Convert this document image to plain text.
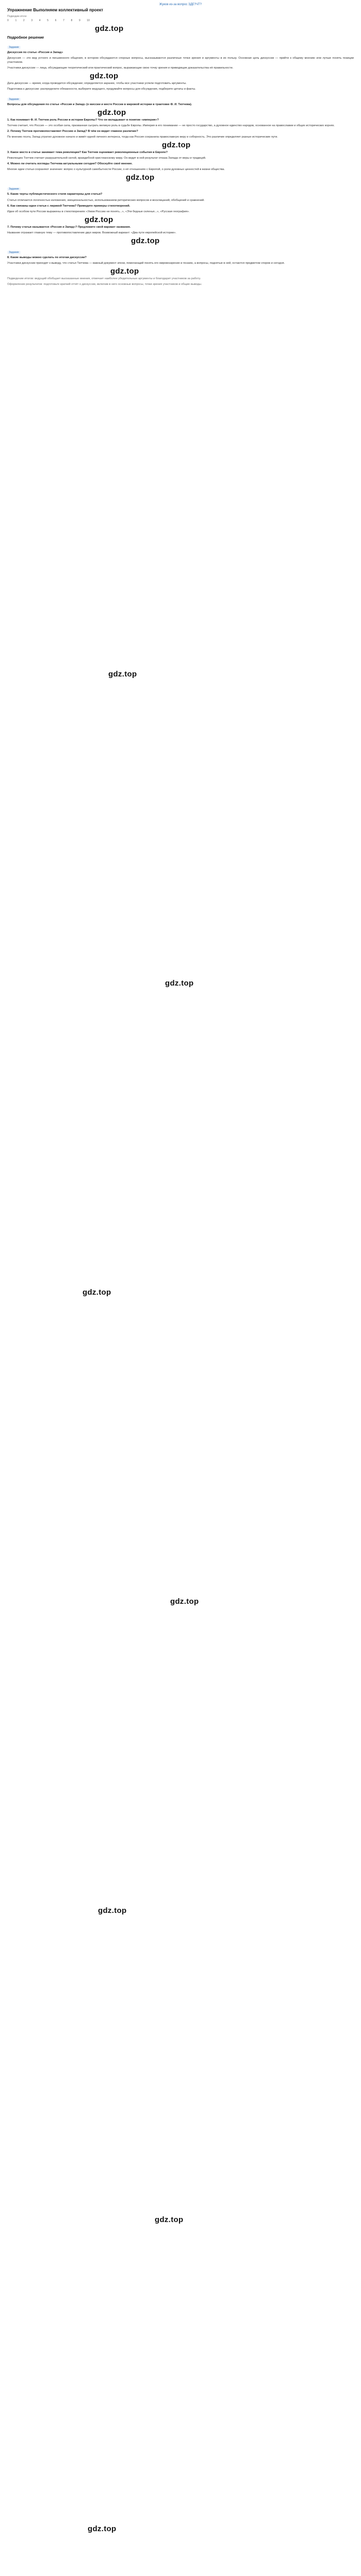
Жуков из-за вопрос ЗДЕ?ЧТ?
Упражнение Выполняем коллективный проект
Подводим итоги
0	1	2	3	4	5	6	7	8	9	10
gdz.top
Подробное решение
Задание

Дискуссия по статье «Россия и Запад»

Дискуссия — это вид устного и письменного общения, в котором обсуждаются спорные вопросы, высказываются различные точки зрения и аргументы в их пользу. Основная цель дискуссии — прийти к общему мнению или лучше понять позиции участников.

Участники дискуссии — лица, обсуждающие теоретический или практический вопрос, выражающие свою точку зрения и приводящие доказательства её правильности.

gdz.top

Дата дискуссии — время, когда проводится обсуждение; определяется заранее, чтобы все участники успели подготовить аргументы.

Подготовка к дискуссии: распределите обязанности, выберите ведущего, продумайте вопросы для обсуждения, подберите цитаты и факты.

Задание

Вопросы для обсуждения по статье «Россия и Запад» (о миссии и месте России в мировой истории в трактовке Ф. И. Тютчева).

gdz.top

1. Как понимает Ф. И. Тютчев роль России в истории Европы? Что он вкладывает в понятие «империя»?

Тютчев считает, что Россия — это особая сила, призванная сыграть великую роль в судьбе Европы. Империя в его понимании — не просто государство, а духовное единство народов, основанное на православии и общих исторических корнях.

2. Почему Тютчев противопоставляет Россию и Запад? В чём он видит главное различие?

По мнению поэта, Запад утратил духовное начало и живёт идеей личного интереса, тогда как Россия сохранила православную веру и соборность. Это различие определяет разные исторические пути.

gdz.top

3. Какое место в статье занимает тема революции? Как Тютчев оценивает революционные события в Европе?

Революцию Тютчев считает разрушительной силой, враждебной христианскому миру. Он видит в ней результат отказа Запада от веры и традиций.

4. Можно ли считать взгляды Тютчева актуальными сегодня? Обоснуйте своё мнение.

Многие идеи статьи сохраняют значение: вопрос о культурной самобытности России, о её отношениях с Европой, о роли духовных ценностей в жизни общества.

gdz.top
Задание

5. Какие черты публицистического стиля характерны для статьи?

Статья отличается логичностью изложения, эмоциональностью, использованием риторических вопросов и восклицаний, обобщений и сравнений.

6. Как связаны идеи статьи с лирикой Тютчева? Приведите примеры стихотворений.

Идеи об особом пути России выражены в стихотворениях «Умом Россию не понять...», «Эти бедные селенья...», «Русская география».

gdz.top

7. Почему статья называется «Россия и Запад»? Предложите свой вариант названия.

Название отражает главную тему — противопоставление двух миров. Возможный вариант: «Два пути европейской истории».

gdz.top
Задание

8. Какие выводы можно сделать по итогам дискуссии?

Участники дискуссии приходят к выводу, что статья Тютчева — важный документ эпохи, помогающий понять его мировоззрение и поэзию, а вопросы, поднятые в ней, остаются предметом споров и сегодня.

gdz.top

Подведение итогов: ведущий обобщает высказанные мнения, отмечает наиболее убедительные аргументы и благодарит участников за работу.

Оформление результатов: подготовьте краткий отчёт о дискуссии, включив в него основные вопросы, точки зрения участников и общие выводы.

gdz.top
gdz.top
gdz.top
gdz.top
gdz.top
gdz.top
gdz.top
